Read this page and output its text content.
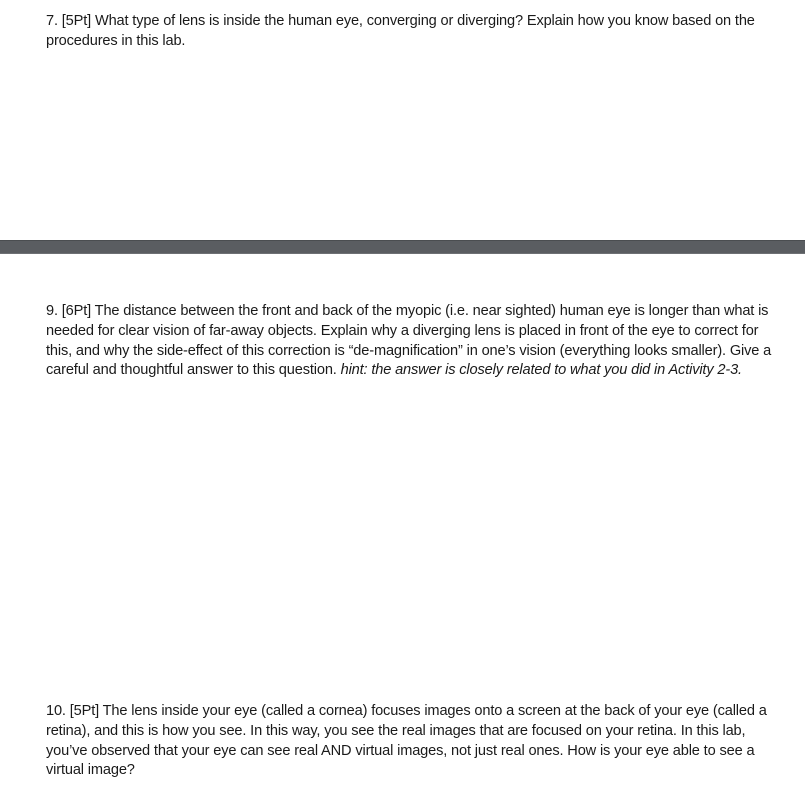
7. [5Pt] What type of lens is inside the human eye, converging or diverging? Explain how you know based on the procedures in this lab.

9. [6Pt] The distance between the front and back of the myopic (i.e. near sighted) human eye is longer than what is needed for clear vision of far-away objects. Explain why a diverging lens is placed in front of the eye to correct for this, and why the side-effect of this correction is “de-magnification” in one’s vision (everything looks smaller). Give a careful and thoughtful answer to this question. hint: the answer is closely related to what you did in Activity 2-3.

10. [5Pt] The lens inside your eye (called a cornea) focuses images onto a screen at the back of your eye (called a retina), and this is how you see. In this way, you see the real images that are focused on your retina. In this lab, you’ve observed that your eye can see real AND virtual images, not just real ones. How is your eye able to see a virtual image?
